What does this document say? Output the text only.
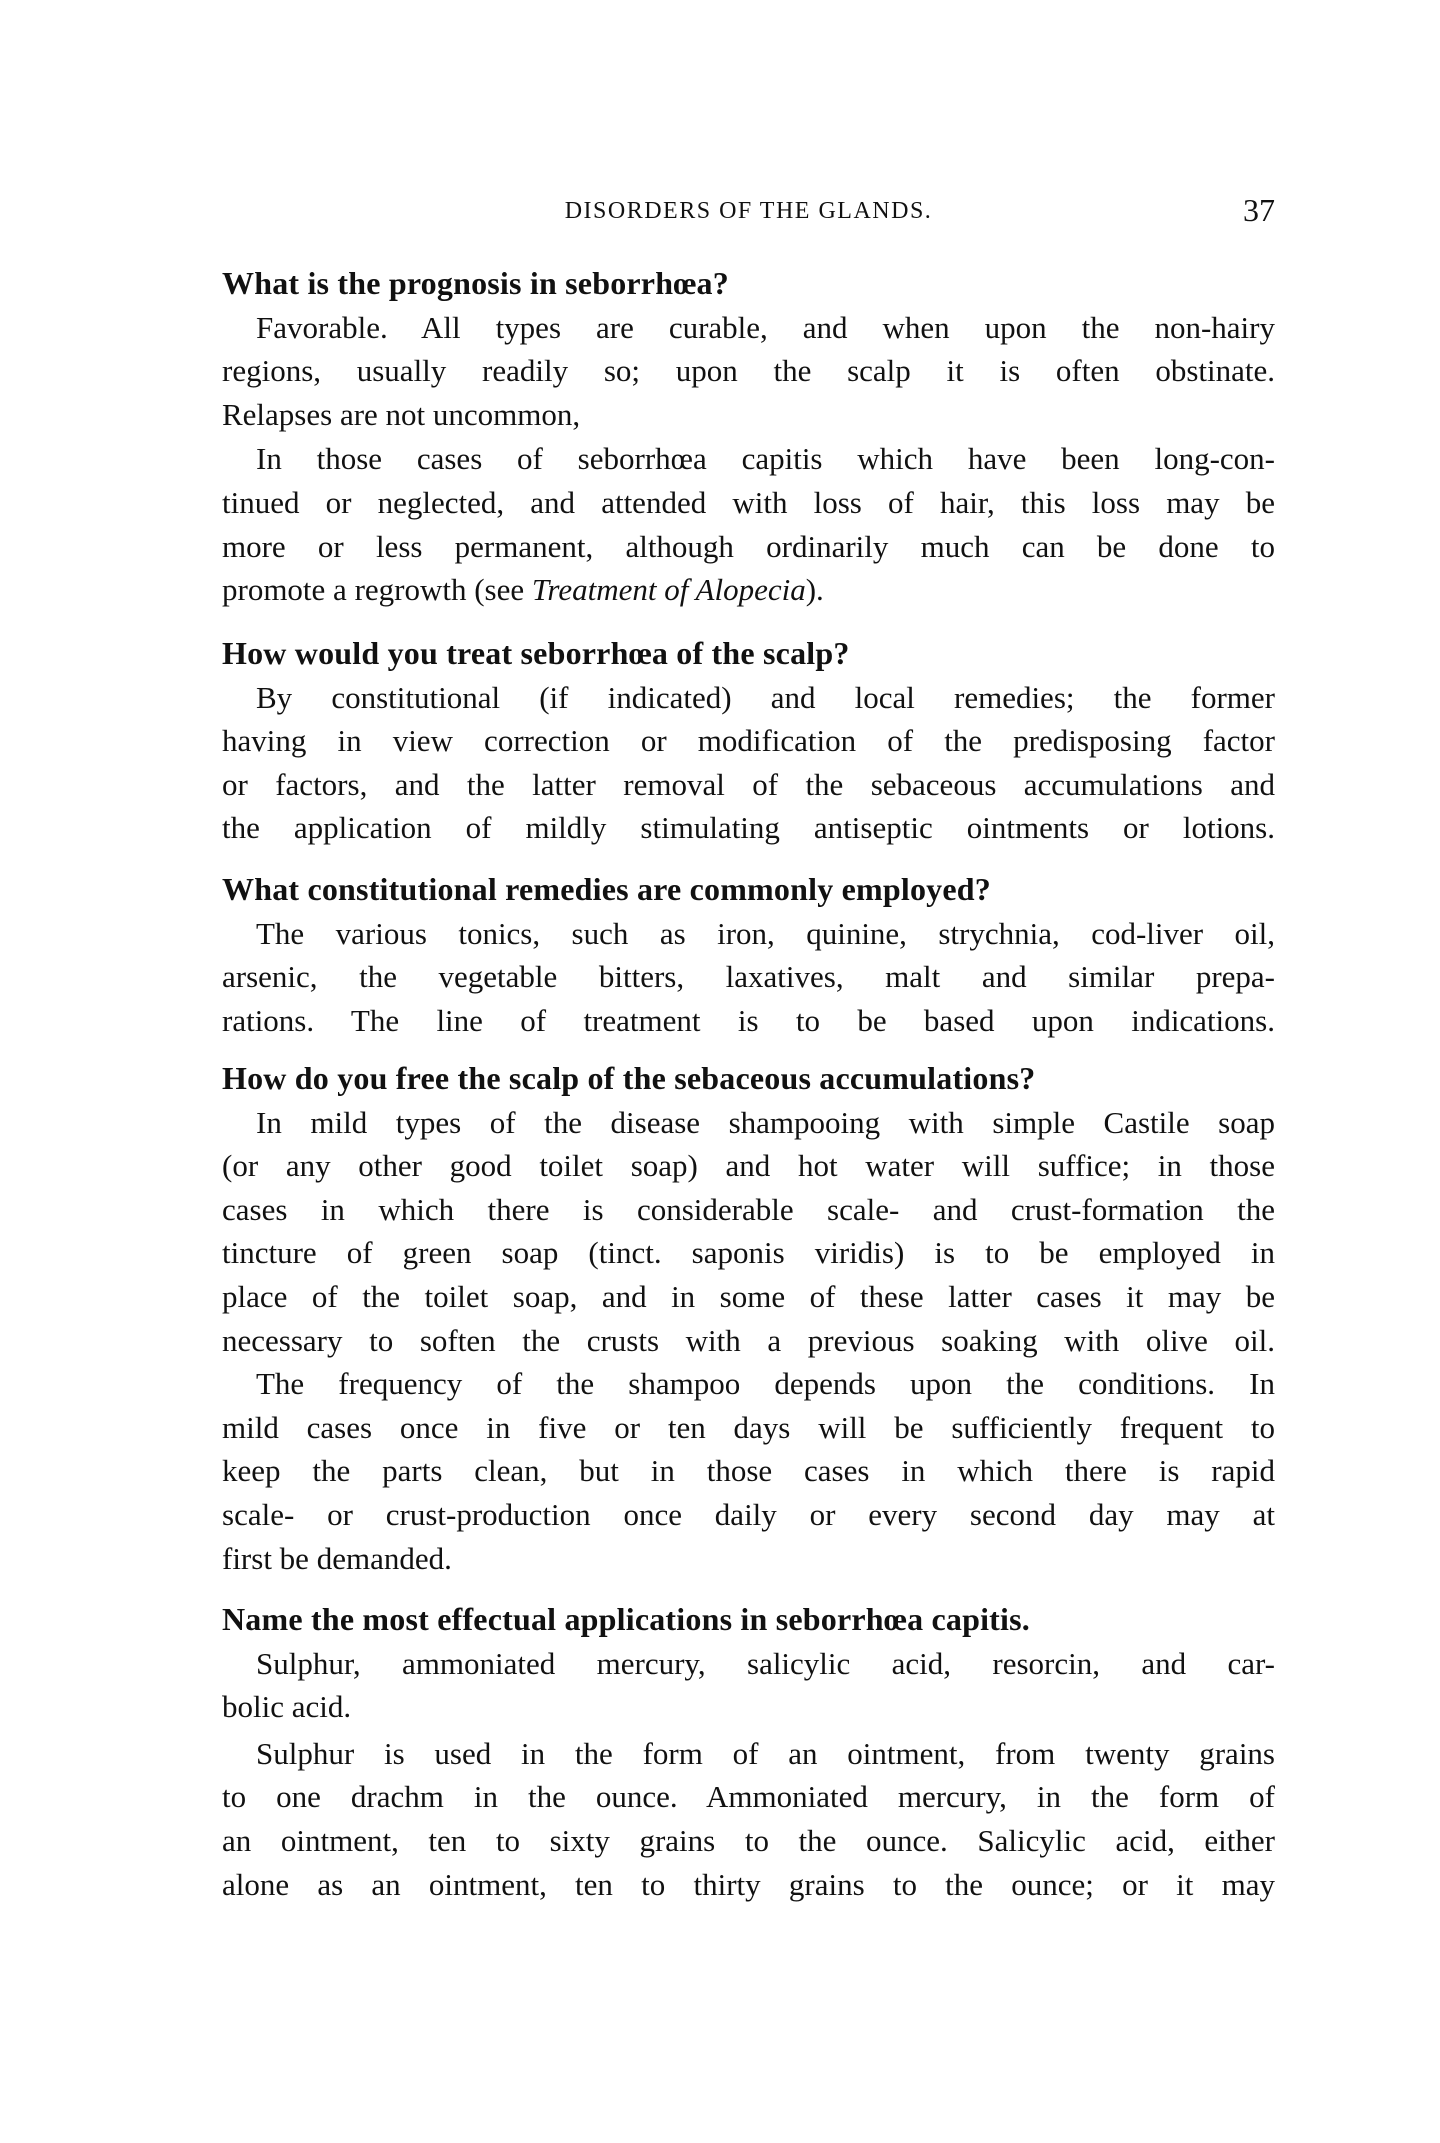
DISORDERS OF THE GLANDS.	37
What is the prognosis in seborrhœa?
Favorable. All types are curable, and when upon the non-hairy
regions, usually readily so; upon the scalp it is often obstinate.
Relapses are not uncommon,
In those cases of seborrhœa capitis which have been long-con-
tinued or neglected, and attended with loss of hair, this loss may be
more or less permanent, although ordinarily much can be done to
promote a regrowth (see Treatment of Alopecia).
How would you treat seborrhœa of the scalp?
By constitutional (if indicated) and local remedies; the former
having in view correction or modification of the predisposing factor
or factors, and the latter removal of the sebaceous accumulations and
the application of mildly stimulating antiseptic ointments or lotions.
What constitutional remedies are commonly employed?
The various tonics, such as iron, quinine, strychnia, cod-liver oil,
arsenic, the vegetable bitters, laxatives, malt and similar prepa-
rations. The line of treatment is to be based upon indications.
How do you free the scalp of the sebaceous accumulations?
In mild types of the disease shampooing with simple Castile soap
(or any other good toilet soap) and hot water will suffice; in those
cases in which there is considerable scale- and crust-formation the
tincture of green soap (tinct. saponis viridis) is to be employed in
place of the toilet soap, and in some of these latter cases it may be
necessary to soften the crusts with a previous soaking with olive oil.
The frequency of the shampoo depends upon the conditions. In
mild cases once in five or ten days will be sufficiently frequent to
keep the parts clean, but in those cases in which there is rapid
scale- or crust-production once daily or every second day may at
first be demanded.
Name the most effectual applications in seborrhœa capitis.
Sulphur, ammoniated mercury, salicylic acid, resorcin, and car-
bolic acid.
Sulphur is used in the form of an ointment, from twenty grains
to one drachm in the ounce. Ammoniated mercury, in the form of
an ointment, ten to sixty grains to the ounce. Salicylic acid, either
alone as an ointment, ten to thirty grains to the ounce; or it may
